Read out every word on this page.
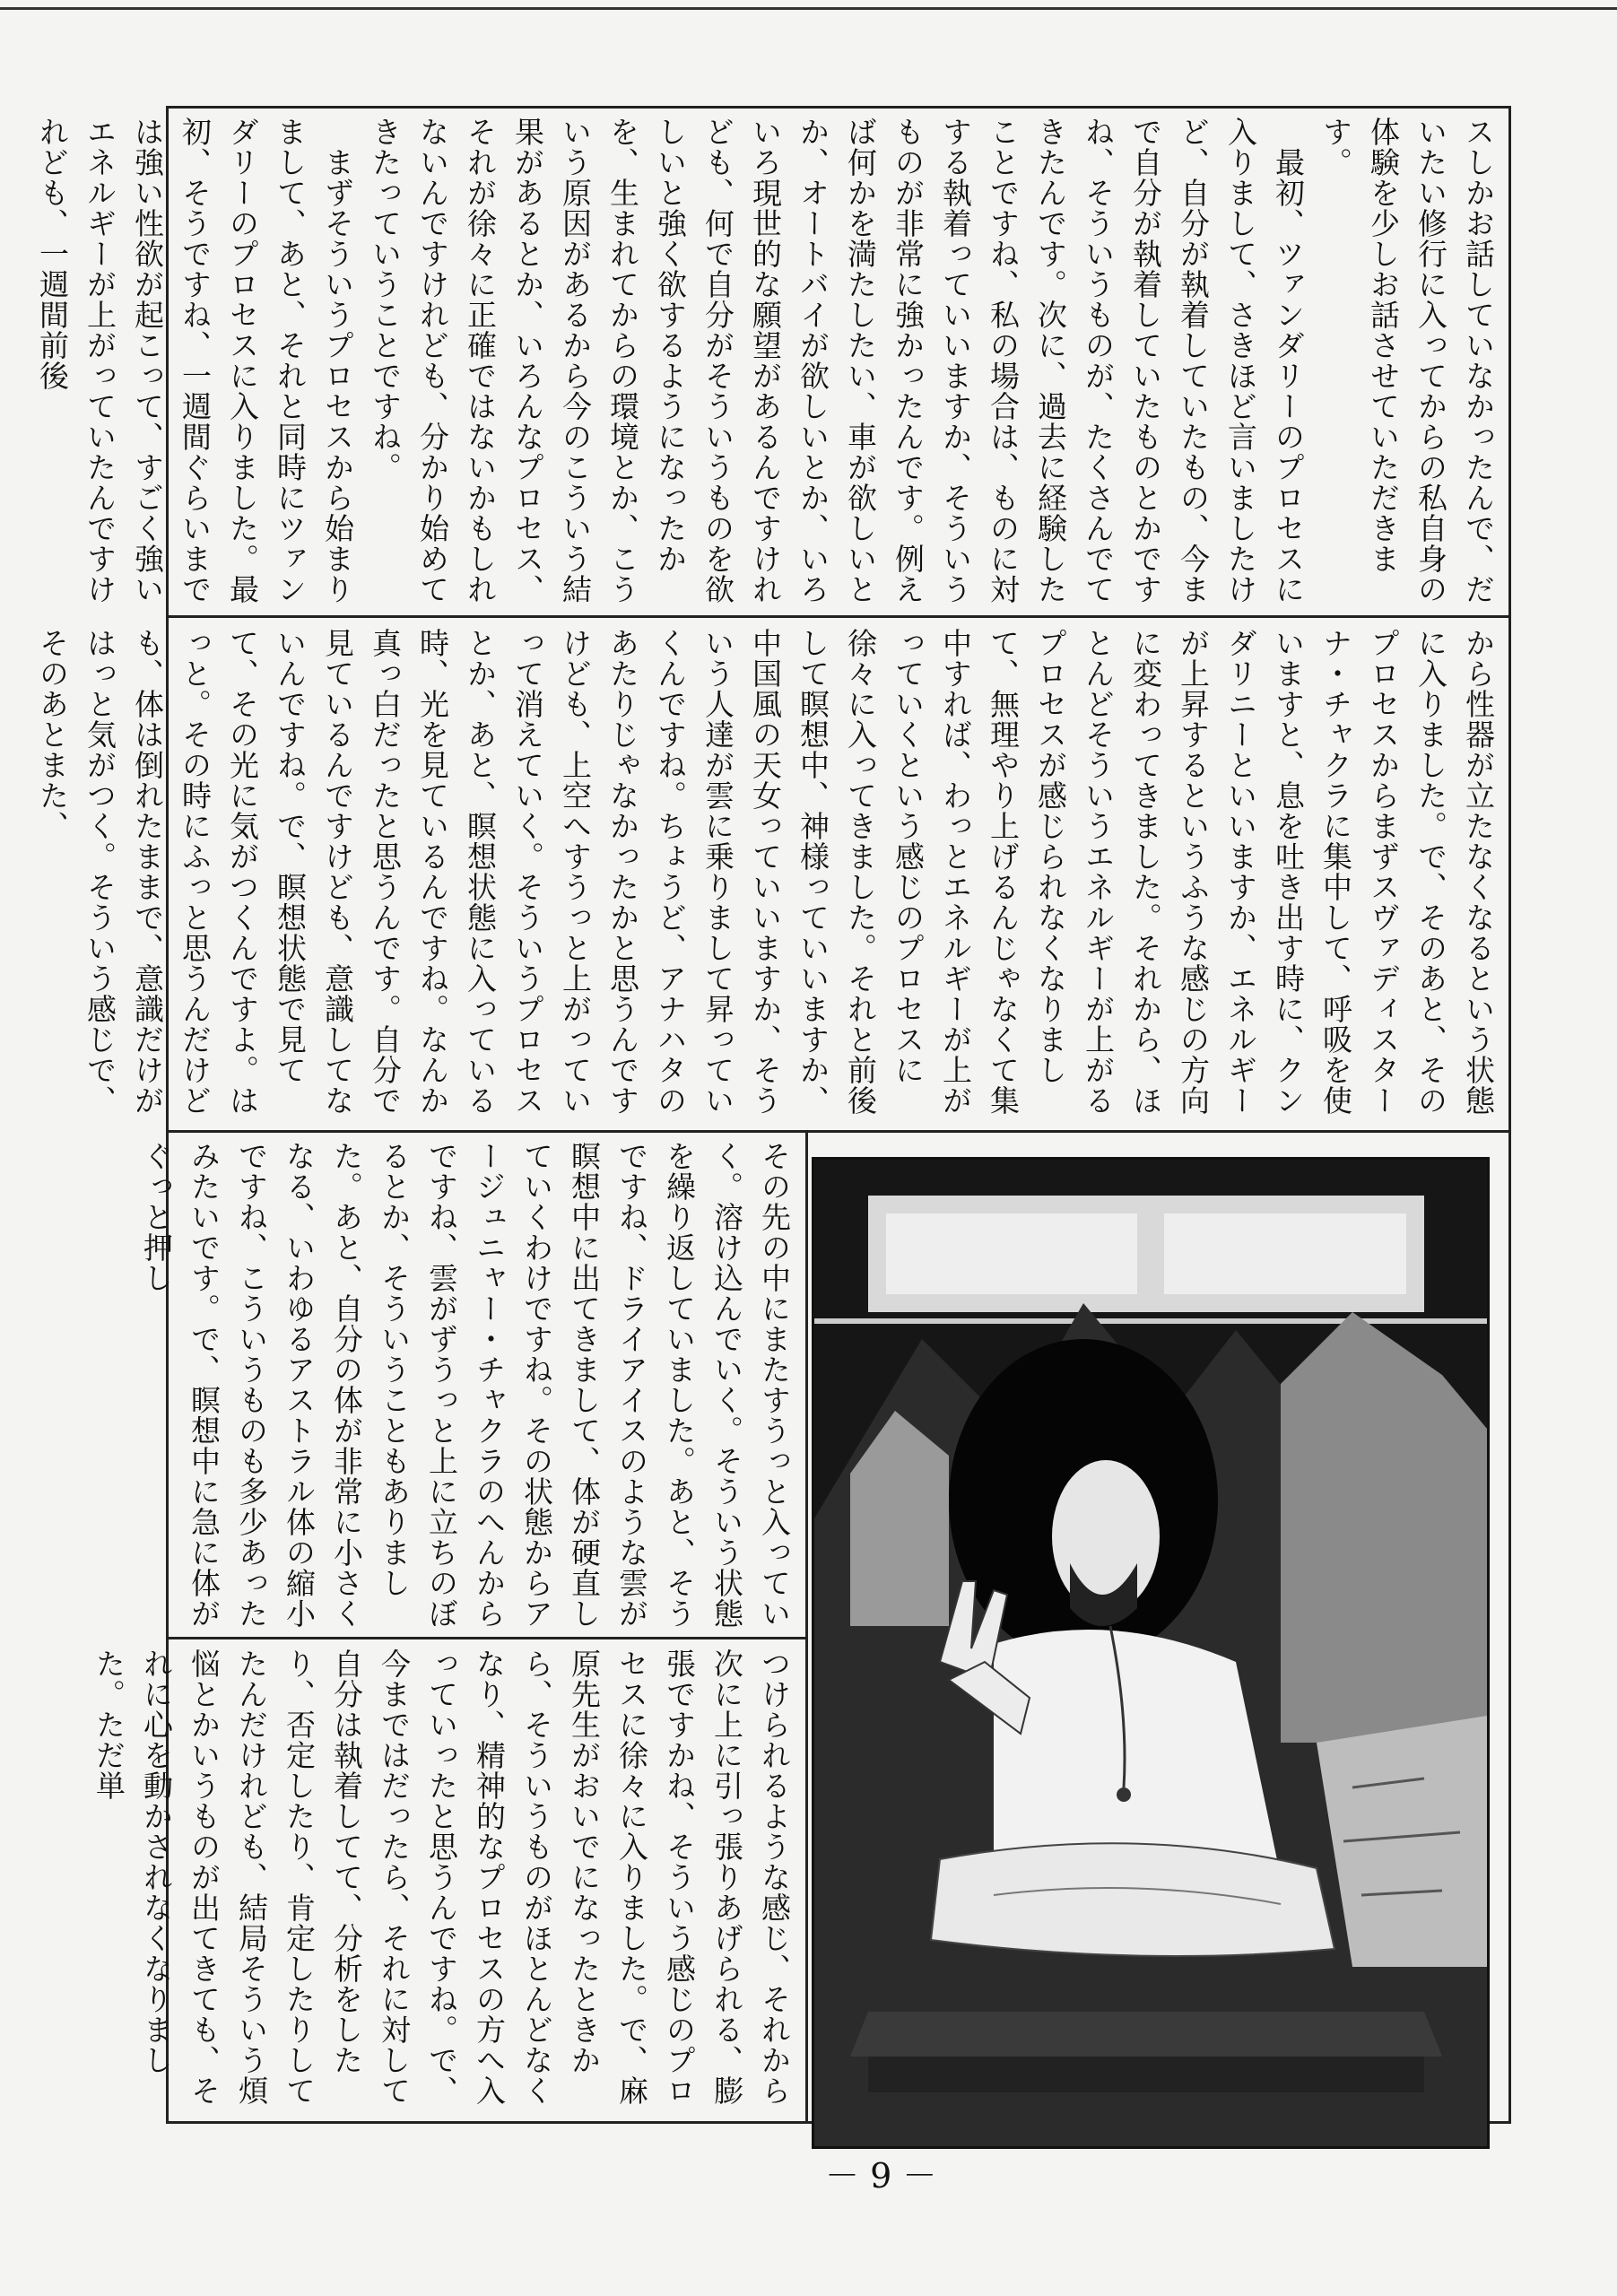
スしかお話していなかったんで、だいたい修行に入ってからの私自身の体験を少しお話させていただきます。
　最初、ツァンダリーのプロセスに入りまして、さきほど言いましたけど、自分が執着していたもの、今まで自分が執着していたものとかですね、そういうものが、たくさんでてきたんです。次に、過去に経験したことですね、私の場合は、ものに対する執着っていいますか、そういうものが非常に強かったんです。例えば何かを満たしたい、車が欲しいとか、オートバイが欲しいとか、いろいろ現世的な願望があるんですけれども、何で自分がそういうものを欲しいと強く欲するようになったかを、生まれてからの環境とか、こういう原因があるから今のこういう結果があるとか、いろんなプロセス、それが徐々に正確ではないかもしれないんですけれども、分かり始めてきたっていうことですね。
　まずそういうプロセスから始まりまして、あと、それと同時にツァンダリーのプロセスに入りました。最初、そうですね、一週間ぐらいまでは強い性欲が起こって、すごく強いエネルギーが上がっていたんですけれども、一週間前後
から性器が立たなくなるという状態に入りました。で、そのあと、そのプロセスからまずスヴァディスターナ・チャクラに集中して、呼吸を使いますと、息を吐き出す時に、クンダリニーといいますか、エネルギーが上昇するというふうな感じの方向に変わってきました。それから、ほとんどそういうエネルギーが上がるプロセスが感じられなくなりまして、無理やり上げるんじゃなくて集中すれば、わっとエネルギーが上がっていくという感じのプロセスに徐々に入ってきました。それと前後して瞑想中、神様っていいますか、中国風の天女っていいますか、そういう人達が雲に乗りまして昇っていくんですね。ちょうど、アナハタのあたりじゃなかったかと思うんですけども、上空へすうっと上がっていって消えていく。そういうプロセスとか、あと、瞑想状態に入っている時、光を見ているんですね。なんか真っ白だったと思うんです。自分で見ているんですけども、意識してないんですね。で、瞑想状態で見てて、その光に気がつくんですよ。はっと。その時にふっと思うんだけども、体は倒れたままで、意識だけがはっと気がつく。そういう感じで、そのあとまた、
その先の中にまたすうっと入っていく。溶け込んでいく。そういう状態を繰り返していました。あと、そうですね、ドライアイスのような雲が瞑想中に出てきまして、体が硬直していくわけですね。その状態からアージュニャー・チャクラのへんからですね、雲がずうっと上に立ちのぼるとか、そういうこともありました。あと、自分の体が非常に小さくなる、いわゆるアストラル体の縮小ですね、こういうものも多少あったみたいです。で、瞑想中に急に体がぐっと押し
つけられるような感じ、それから次に上に引っ張りあげられる、膨張ですかね、そういう感じのプロセスに徐々に入りました。で、麻原先生がおいでになったときから、そういうものがほとんどなくなり、精神的なプロセスの方へ入っていったと思うんですね。で、今まではだったら、それに対して自分は執着してて、分析をしたり、否定したり、肯定したりしてたんだけれども、結局そういう煩悩とかいうものが出てきても、それに心を動かされなくなりました。ただ単
－ 9 －
